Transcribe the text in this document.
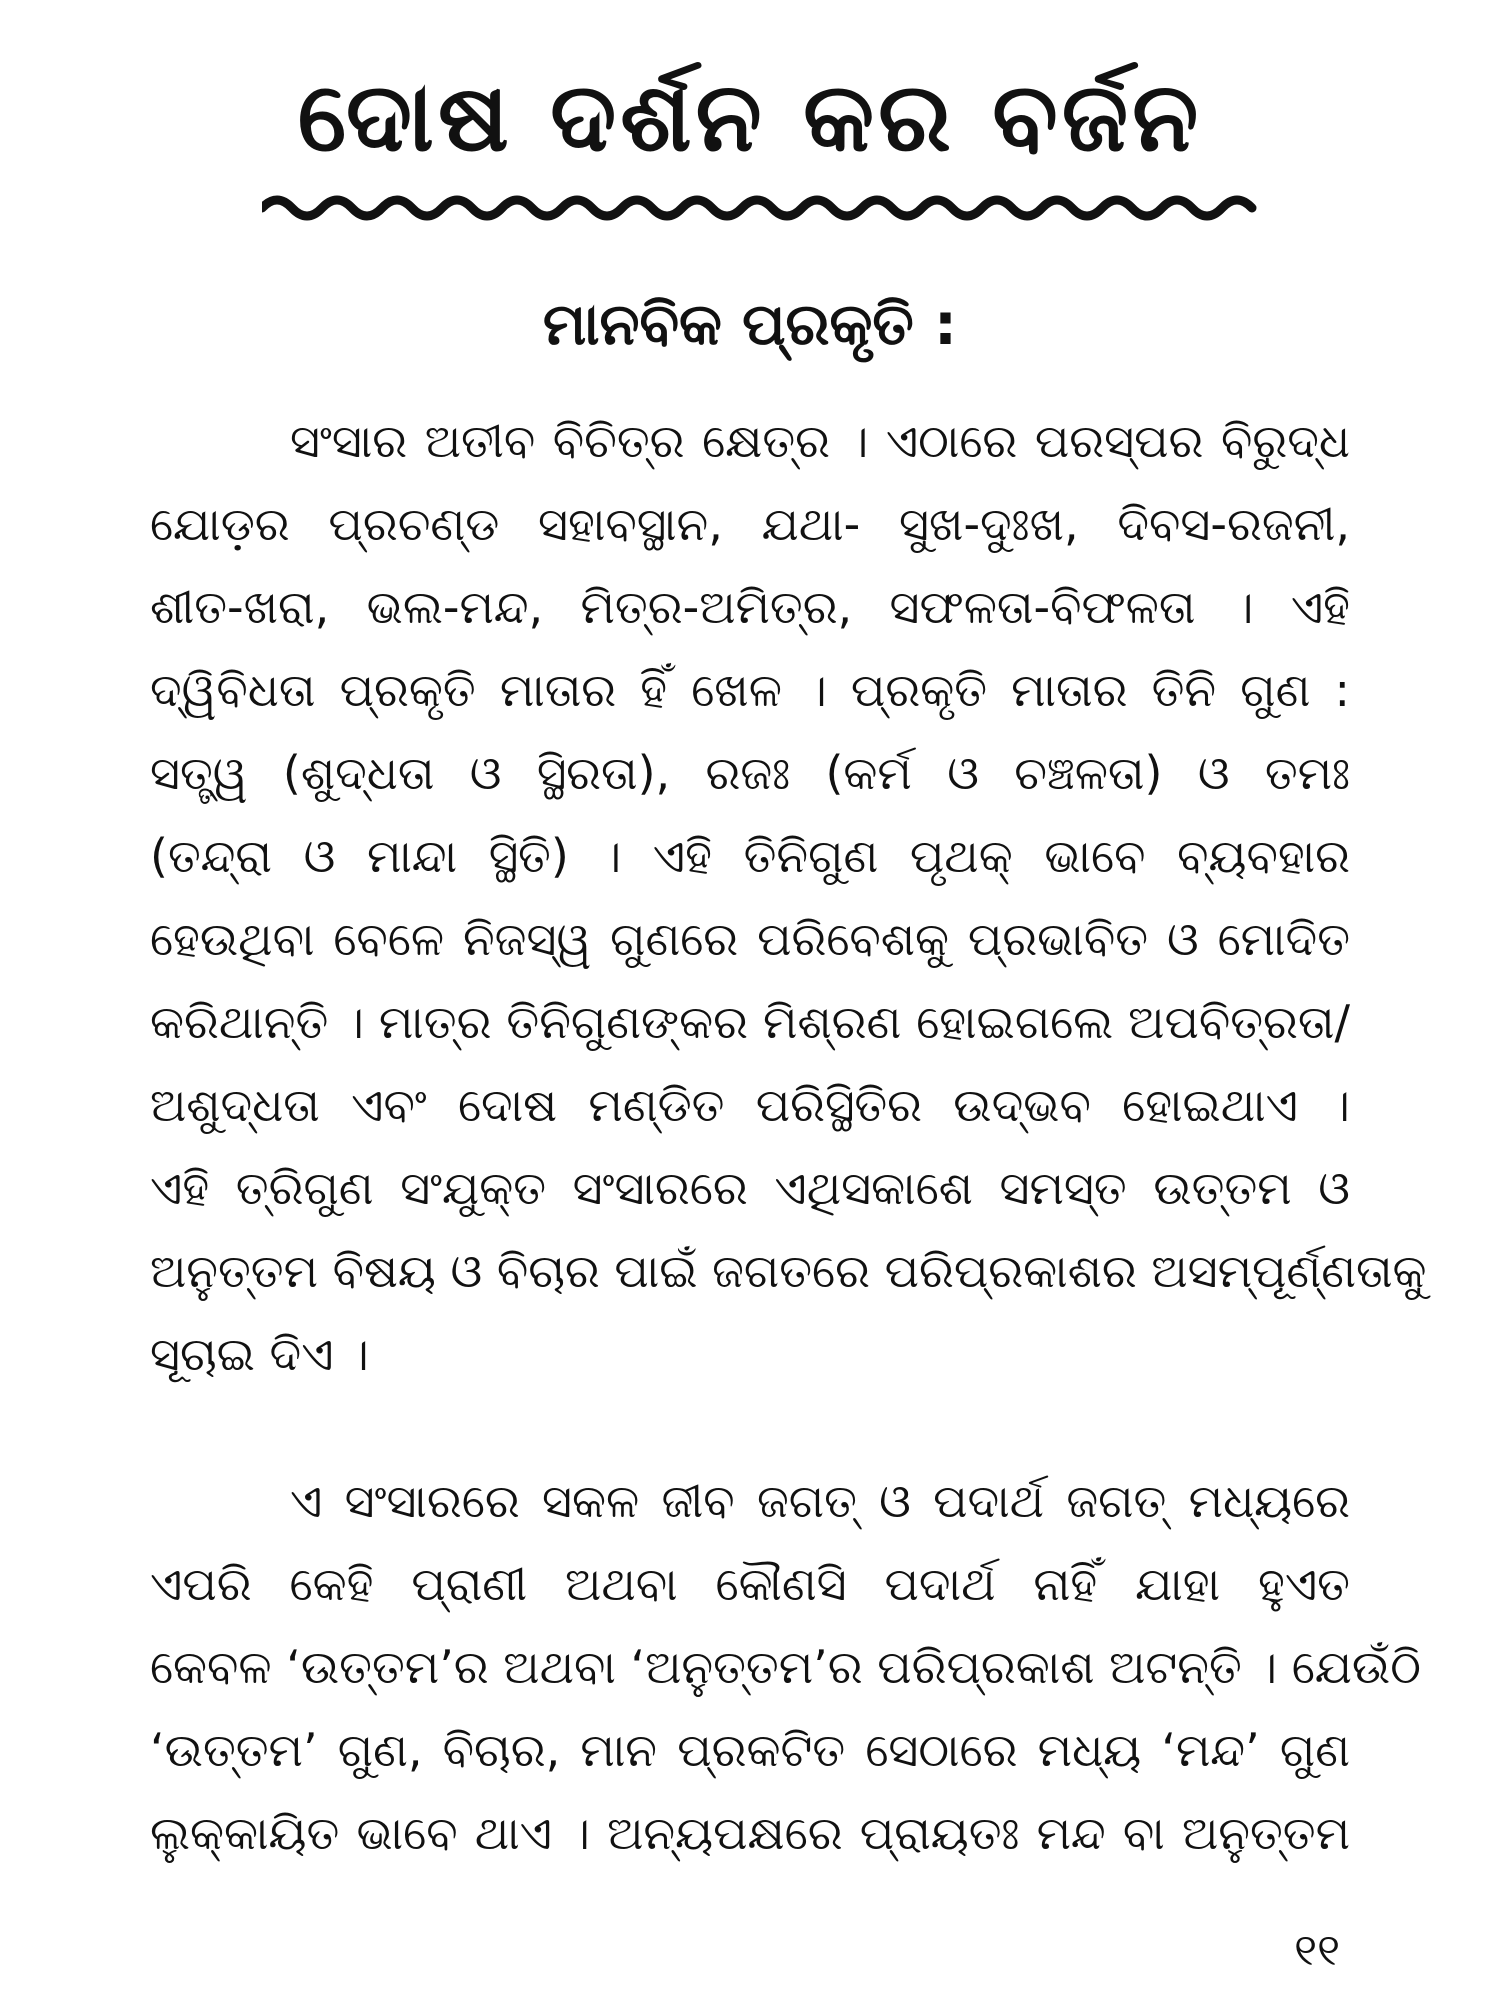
ଦୋଷ ଦର୍ଶନ କର ବର୍ଜନ
ମାନବିକ ପ୍ରକୃତି :
ସଂସାର ଅତୀବ ବିଚିତ୍ର କ୍ଷେତ୍ର । ଏଠାରେ ପରସ୍ପର ବିରୁଦ୍ଧ
ଯୋଡ଼ର ପ୍ରଚଣ୍ଡ ସହାବସ୍ଥାନ, ଯଥା- ସୁଖ-ଦୁଃଖ, ଦିବସ-ରଜନୀ,
ଶୀତ-ଖରା, ଭଲ-ମନ୍ଦ, ମିତ୍ର-ଅମିତ୍ର, ସଫଳତା-ବିଫଳତା । ଏହି
ଦ୍ୱିବିଧତା ପ୍ରକୃତି ମାତାର ହିଁ ଖେଳ । ପ୍ରକୃତି ମାତାର ତିନି ଗୁଣ :
ସତ୍ତ୍ୱ (ଶୁଦ୍ଧତା ଓ ସ୍ଥିରତା), ରଜଃ (କର୍ମ ଓ ଚଞ୍ଚଳତା) ଓ ତମଃ
(ତନ୍ଦ୍ରା ଓ ମାନ୍ଦା ସ୍ଥିତି) । ଏହି ତିନିଗୁଣ ପୃଥକ୍ ଭାବେ ବ୍ୟବହାର
ହେଉଥିବା ବେଳେ ନିଜସ୍ୱ ଗୁଣରେ ପରିବେଶକୁ ପ୍ରଭାବିତ ଓ ମୋଦିତ
କରିଥାନ୍ତି । ମାତ୍ର ତିନିଗୁଣଙ୍କର ମିଶ୍ରଣ ହୋଇଗଲେ ଅପବିତ୍ରତା/
ଅଶୁଦ୍ଧତା ଏବଂ ଦୋଷ ମଣ୍ଡିତ ପରିସ୍ଥିତିର ଉଦ୍‌ଭବ ହୋଇଥାଏ ।
ଏହି ତ୍ରିଗୁଣ ସଂଯୁକ୍ତ ସଂସାରରେ ଏଥିସକାଶେ ସମସ୍ତ ଉତ୍ତମ ଓ
ଅନୁତ୍ତମ ବିଷୟ ଓ ବିଚାର ପାଇଁ ଜଗତରେ ପରିପ୍ରକାଶର ଅସମ୍ପୂର୍ଣ୍ଣତାକୁ
ସୂଚାଇ ଦିଏ ।
ଏ ସଂସାରରେ ସକଳ ଜୀବ ଜଗତ୍ ଓ ପଦାର୍ଥ ଜଗତ୍ ମଧ୍ୟରେ
ଏପରି କେହି ପ୍ରାଣୀ ଅଥବା କୌଣସି ପଦାର୍ଥ ନାହିଁ ଯାହା ହୁଏତ
କେବଳ ‘ଉତ୍ତମ’ର ଅଥବା ‘ଅନୁତ୍ତମ’ର ପରିପ୍ରକାଶ ଅଟନ୍ତି । ଯେଉଁଠି
‘ଉତ୍ତମ’ ଗୁଣ, ବିଚାର, ମାନ ପ୍ରକଟିତ ସେଠାରେ ମଧ୍ୟ ‘ମନ୍ଦ’ ଗୁଣ
ଲୁକ୍କାୟିତ ଭାବେ ଥାଏ । ଅନ୍ୟପକ୍ଷରେ ପ୍ରାୟତଃ ମନ୍ଦ ବା ଅନୁତ୍ତମ
୧୧
